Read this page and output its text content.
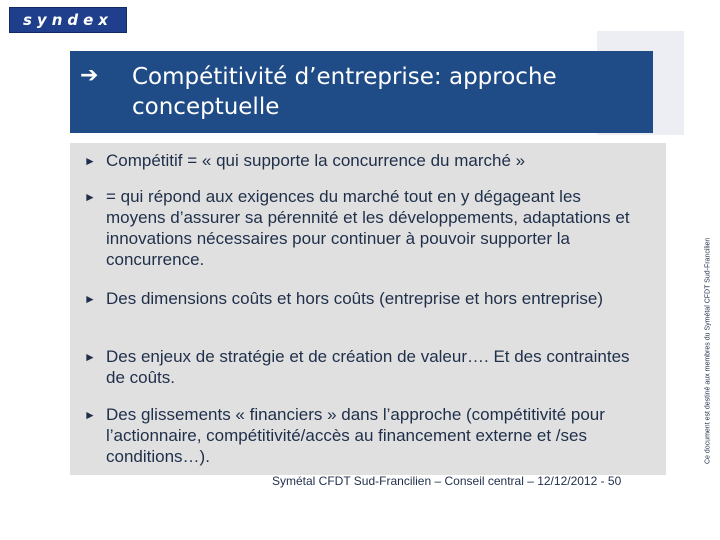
syndex
➔ Compétitivité d’entreprise: approche conceptuelle
► Compétitif = « qui supporte la concurrence du marché »
► = qui répond aux exigences du marché tout en y dégageant les moyens d’assurer sa pérennité et les développements, adaptations et innovations nécessaires pour continuer à pouvoir supporter la concurrence.
► Des dimensions coûts et hors coûts (entreprise et hors entreprise)
► Des enjeux de stratégie et de création de valeur…. Et des contraintes de coûts.
► Des glissements « financiers » dans l’approche (compétitivité pour l’actionnaire, compétitivité/accès au financement externe et /ses conditions…).	Ce document est destiné aux membres du Symétal CFDT Sud-Francilien
Symétal CFDT Sud-Francilien – Conseil central – 12/12/2012 - 50
